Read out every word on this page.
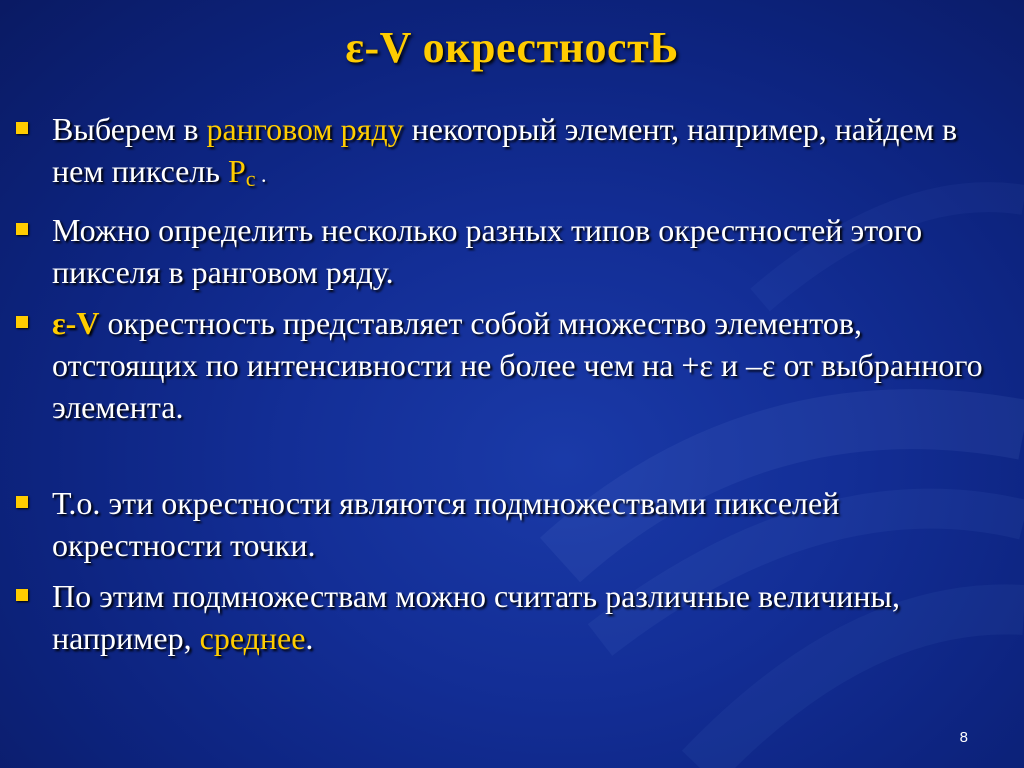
ε-V окрестностЬ
Выберем в ранговом ряду некоторый элемент, например, найдем в нем пиксель Pc .
Можно определить несколько разных типов окрестностей этого пикселя в ранговом ряду.
ε-V окрестность представляет собой множество элементов, отстоящих по интенсивности не более чем на +ε и –ε от выбранного элемента.
Т.о. эти окрестности являются подмножествами пикселей окрестности точки.
По этим подмножествам можно считать различные величины, например, среднее.
8
